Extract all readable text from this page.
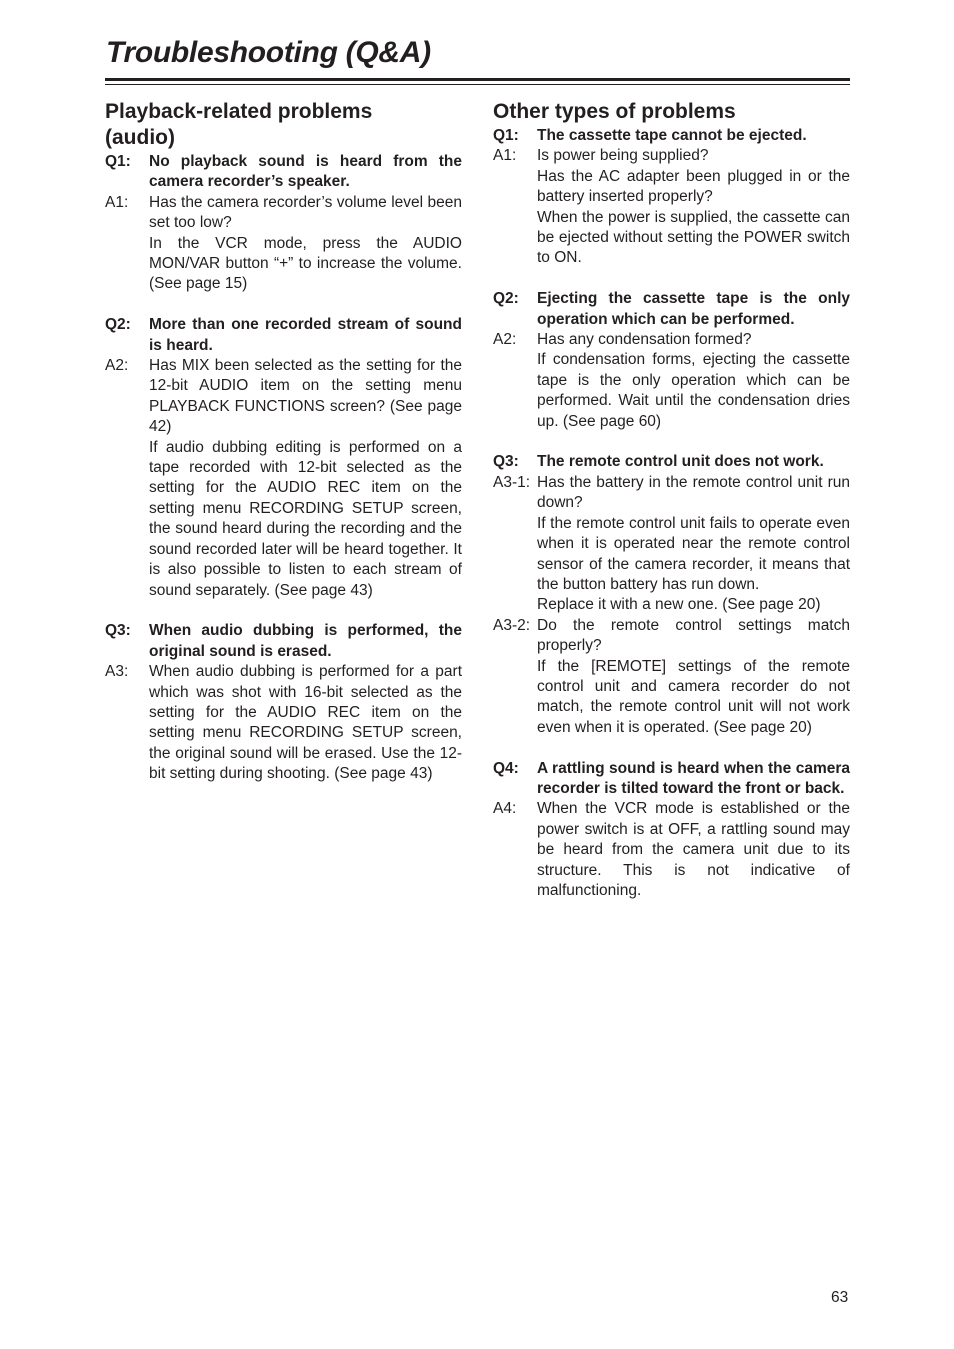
Troubleshooting (Q&A)
Playback-related problems
(audio)
Q1:	No playback sound is heard from the camera recorder’s speaker.
A1:	Has the camera recorder’s volume level been set too low?
In the VCR mode, press the AUDIO MON/VAR button “+” to increase the volume. (See page 15)
Q2:	More than one recorded stream of sound is heard.
A2:	Has MIX been selected as the setting for the 12-bit AUDIO item on the setting menu PLAYBACK FUNCTIONS screen? (See page 42)
If audio dubbing editing is performed on a tape recorded with 12-bit selected as the setting for the AUDIO REC item on the setting menu RECORDING SETUP screen, the sound heard during the recording and the sound recorded later will be heard together. It is also possible to listen to each stream of sound separately. (See page 43)
Q3:	When audio dubbing is performed, the original sound is erased.
A3:	When audio dubbing is performed for a part which was shot with 16-bit selected as the setting for the AUDIO REC item on the setting menu RECORDING SETUP screen, the original sound will be erased. Use the 12-bit setting during shooting. (See page 43)
Other types of problems
Q1:	The cassette tape cannot be ejected.
A1:	Is power being supplied?
Has the AC adapter been plugged in or the battery inserted properly?
When the power is supplied, the cassette can be ejected without setting the POWER switch to ON.
Q2:	Ejecting the cassette tape is the only operation which can be performed.
A2:	Has any condensation formed?
If condensation forms, ejecting the cassette tape is the only operation which can be performed. Wait until the condensation dries up. (See page 60)
Q3:	The remote control unit does not work.
A3-1: Has the battery in the remote control unit run down?
If the remote control unit fails to operate even when it is operated near the remote control sensor of the camera recorder, it means that the button battery has run down.
Replace it with a new one. (See page 20)
A3-2: Do the remote control settings match properly?
If the [REMOTE] settings of the remote control unit and camera recorder do not match, the remote control unit will not work even when it is operated. (See page 20)
Q4:	A rattling sound is heard when the camera recorder is tilted toward the front or back.
A4:	When the VCR mode is established or the power switch is at OFF, a rattling sound may be heard from the camera unit due to its structure. This is not indicative of malfunctioning.
63
